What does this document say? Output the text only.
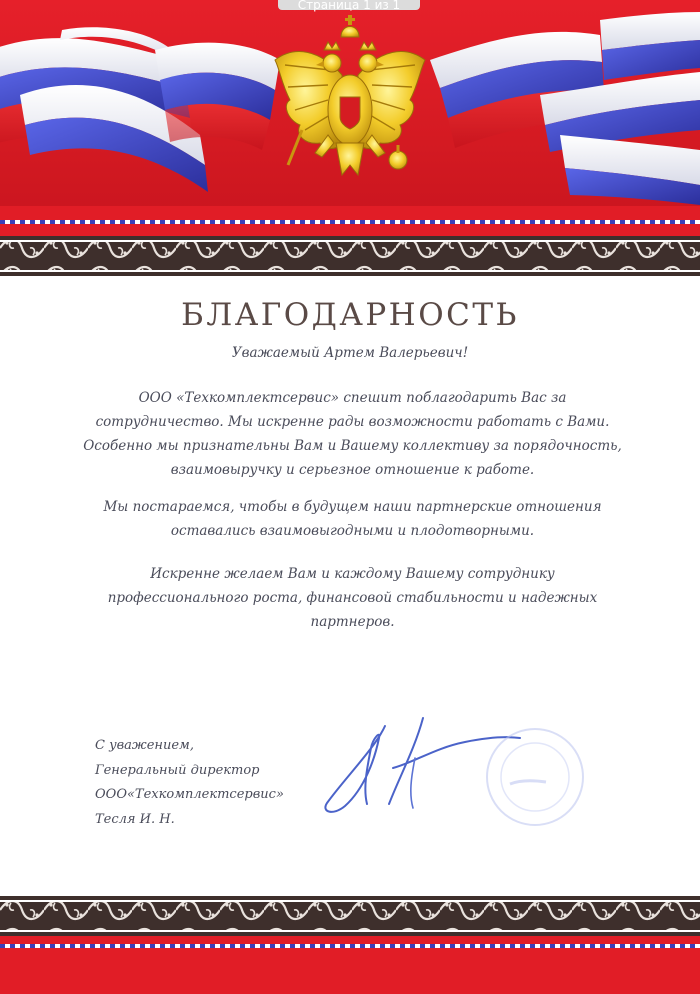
Страница 1 из 1
БЛАГОДАРНОСТЬ
Уважаемый Артем Валерьевич!

ООО «Техкомплектсервис» спешит поблагодарить Вас за сотрудничество. Мы искренне рады возможности работать с Вами. Особенно мы признательны Вам и Вашему коллективу за порядочность, взаимовыручку и серьезное отношение к работе.

Мы постараемся, чтобы в будущем наши партнерские отношения оставались взаимовыгодными и плодотворными.

Искренне желаем Вам и каждому Вашему сотруднику профессионального роста, финансовой стабильности и надежных партнеров.

С уважением,
Генеральный директор
ООО«Техкомплектсервис»
Тесля И. Н.
